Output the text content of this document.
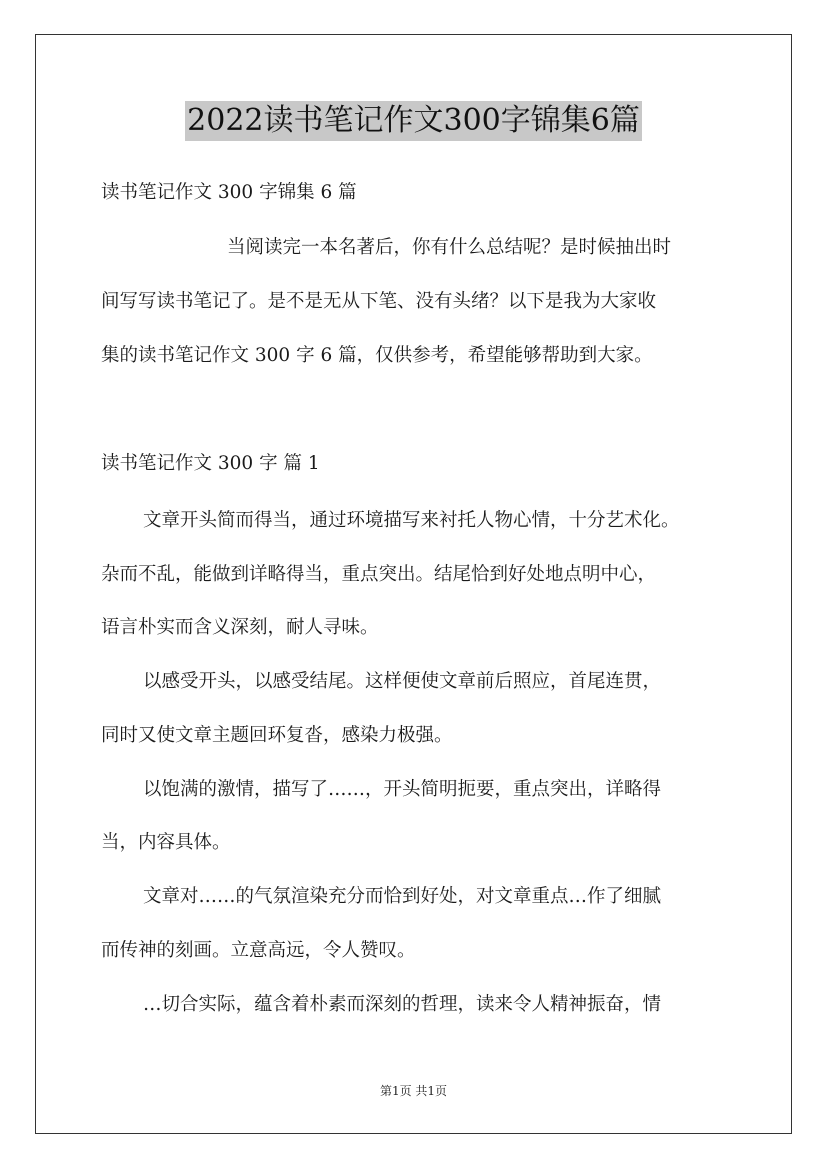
2022读书笔记作文300字锦集6篇
读书笔记作文 300 字锦集 6 篇
当阅读完一本名著后，你有什么总结呢？是时候抽出时
间写写读书笔记了。是不是无从下笔、没有头绪？以下是我为大家收
集的读书笔记作文 300 字 6 篇，仅供参考，希望能够帮助到大家。
读书笔记作文 300 字 篇 1
文章开头简而得当，通过环境描写来衬托人物心情，十分艺术化。
杂而不乱，能做到详略得当，重点突出。结尾恰到好处地点明中心，
语言朴实而含义深刻，耐人寻味。
以感受开头，以感受结尾。这样便使文章前后照应，首尾连贯，
同时又使文章主题回环复沓，感染力极强。
以饱满的激情，描写了……，开头简明扼要，重点突出，详略得
当，内容具体。
文章对……的气氛渲染充分而恰到好处，对文章重点…作了细腻
而传神的刻画。立意高远，令人赞叹。
…切合实际，蕴含着朴素而深刻的哲理，读来令人精神振奋，情
第1页 共1页
